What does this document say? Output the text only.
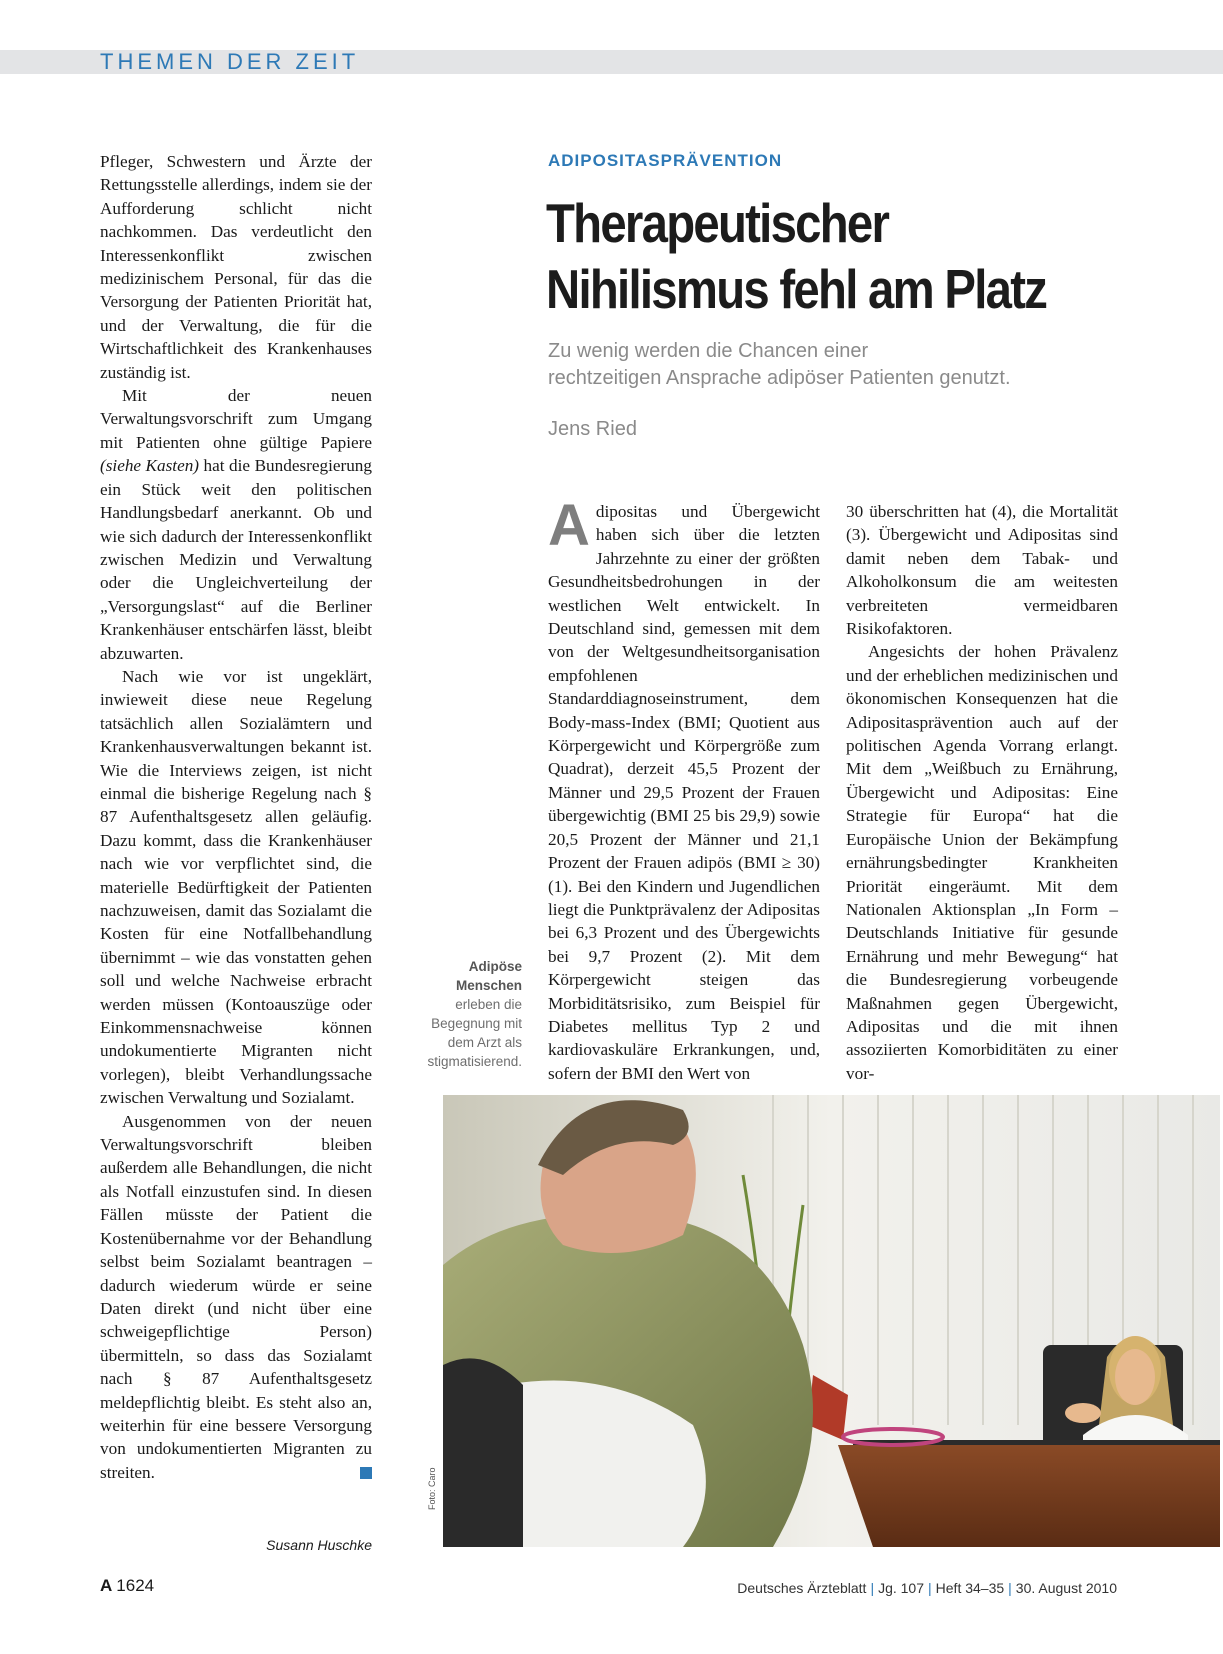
THEMEN DER ZEIT

Pfleger, Schwestern und Ärzte der Rettungsstelle allerdings, indem sie der Aufforderung schlicht nicht nachkommen. Das verdeutlicht den Interessenkonflikt zwischen medizinischem Personal, für das die Versorgung der Patienten Priorität hat, und der Verwaltung, die für die Wirtschaftlichkeit des Krankenhauses zuständig ist.

Mit der neuen Verwaltungsvorschrift zum Umgang mit Patienten ohne gültige Papiere (siehe Kasten) hat die Bundesregierung ein Stück weit den politischen Handlungsbedarf anerkannt. Ob und wie sich dadurch der Interessenkonflikt zwischen Medizin und Verwaltung oder die Ungleichverteilung der „Versorgungslast“ auf die Berliner Krankenhäuser entschärfen lässt, bleibt abzuwarten.

Nach wie vor ist ungeklärt, inwieweit diese neue Regelung tatsächlich allen Sozialämtern und Krankenhausverwaltungen bekannt ist. Wie die Interviews zeigen, ist nicht einmal die bisherige Regelung nach § 87 Aufenthaltsgesetz allen geläufig. Dazu kommt, dass die Krankenhäuser nach wie vor verpflichtet sind, die materielle Bedürftigkeit der Patienten nachzuweisen, damit das Sozialamt die Kosten für eine Notfallbehandlung übernimmt – wie das vonstatten gehen soll und welche Nachweise erbracht werden müssen (Kontoauszüge oder Einkommensnachweise können undokumentierte Migranten nicht vorlegen), bleibt Verhandlungssache zwischen Verwaltung und Sozialamt.

Ausgenommen von der neuen Verwaltungsvorschrift bleiben außerdem alle Behandlungen, die nicht als Notfall einzustufen sind. In diesen Fällen müsste der Patient die Kostenübernahme vor der Behandlung selbst beim Sozialamt beantragen – dadurch wiederum würde er seine Daten direkt (und nicht über eine schweigepflichtige Person) übermitteln, so dass das Sozialamt nach § 87 Aufenthaltsgesetz meldepflichtig bleibt. Es steht also an, weiterhin für eine bessere Versorgung von undokumentierten Migranten zu streiten.

Susann Huschke
ADIPOSITASPRÄVENTION
Therapeutischer
Nihilismus fehl am Platz
Zu wenig werden die Chancen einer
rechtzeitigen Ansprache adipöser Patienten genutzt.
Jens Ried

Adipositas und Übergewicht haben sich über die letzten Jahrzehnte zu einer der größten Gesundheitsbedrohungen in der westlichen Welt entwickelt. In Deutschland sind, gemessen mit dem von der Weltgesundheitsorganisation empfohlenen Standarddiagnoseinstrument, dem Body-mass-Index (BMI; Quotient aus Körpergewicht und Körpergröße zum Quadrat), derzeit 45,5 Prozent der Männer und 29,5 Prozent der Frauen übergewichtig (BMI 25 bis 29,9) sowie 20,5 Prozent der Männer und 21,1 Prozent der Frauen adipös (BMI ≥ 30) (1). Bei den Kindern und Jugendlichen liegt die Punktprävalenz der Adipositas bei 6,3 Prozent und des Übergewichts bei 9,7 Prozent (2). Mit dem Körpergewicht steigen das Morbiditätsrisiko, zum Beispiel für Diabetes mellitus Typ 2 und kardiovaskuläre Erkrankungen, und, sofern der BMI den Wert von

30 überschritten hat (4), die Mortalität (3). Übergewicht und Adipositas sind damit neben dem Tabak- und Alkoholkonsum die am weitesten verbreiteten vermeidbaren Risikofaktoren.

Angesichts der hohen Prävalenz und der erheblichen medizinischen und ökonomischen Konsequenzen hat die Adipositasprävention auch auf der politischen Agenda Vorrang erlangt. Mit dem „Weißbuch zu Ernährung, Übergewicht und Adipositas: Eine Strategie für Europa“ hat die Europäische Union der Bekämpfung ernährungsbedingter Krankheiten Priorität eingeräumt. Mit dem Nationalen Aktionsplan „In Form – Deutschlands Initiative für gesunde Ernährung und mehr Bewegung“ hat die Bundesregierung vorbeugende Maßnahmen gegen Übergewicht, Adipositas und die mit ihnen assoziierten Komorbiditäten zu einer vor-

Adipöse Menschen erleben die Begegnung mit dem Arzt als stigmatisierend.
Foto: Caro
A 1624	Deutsches Ärzteblatt | Jg. 107 | Heft 34–35 | 30. August 2010
